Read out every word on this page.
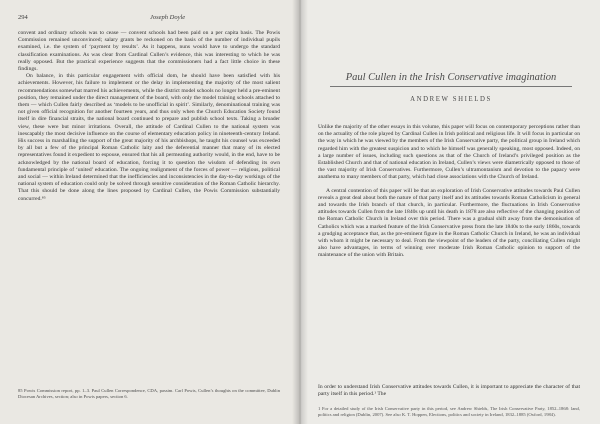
294	Joseph Doyle

convent and ordinary schools was to cease — convent schools had been paid on a per capita basis. The Powis Commission remained unconvinced; salary grants be reckoned on the basis of the number of individual pupils examined, i.e. the system of ‘payment by results’. As it happens, nuns would have to undergo the standard classification examinations. As was clear from Cardinal Cullen’s evidence, this was interesting to which he was really opposed. But the practical experience suggests that the commissioners had a fact little choice in these findings.

On balance, in this particular engagement with official dom, he should have been satisfied with his achievements. However, his failure to implement or the delay in implementing the majority of the most salient recommendations somewhat marred his achievements, while the district model schools no longer held a pre-eminent position, they remained under the direct management of the board, with only the model training schools attached to them — which Cullen fairly described as ‘models to be unofficial in spirit’. Similarly, denominational training was not given official recognition for another fourteen years, and thus only when the Church Education Society found itself in dire financial straits, the national board continued to prepare and publish school texts. Taking a broader view, these were but minor irritations. Overall, the attitude of Cardinal Cullen to the national system was inescapably the most decisive influence on the course of elementary education policy in nineteenth-century Ireland. His success in marshalling the support of the great majority of his archbishops, he taught his counsel was exceeded by all but a few of the principal Roman Catholic laity and the deferential manner that many of its elected representatives found it expedient to espouse, ensured that his all permeating authority would, in the end, have to be acknowledged by the national board of education, forcing it to question the wisdom of defending its own fundamental principle of ‘united’ education. The ongoing realignment of the forces of power — religious, political and social — within Ireland determined that the inefficiencies and inconsistencies in the day-to-day workings of the national system of education could only be solved through sensitive consideration of the Roman Catholic hierarchy. That this should be done along the lines proposed by Cardinal Cullen, the Powis Commission substantially concurred.⁸⁵

85 Powis Commission report, pp. 1–3. Paul Cullen Correspondence, CDA, passim. Carl Powis, Cullen’s thoughts on the committee, Dublin Diocesan Archives, section; also in Powis papers, section 6.
Paul Cullen in the Irish Conservative imagination
ANDREW SHIELDS

Unlike the majority of the other essays in this volume, this paper will focus on contemporary perceptions rather than on the actuality of the role played by Cardinal Cullen in Irish political and religious life. It will focus in particular on the way in which he was viewed by the members of the Irish Conservative party, the political group in Ireland which regarded him with the greatest suspicion and to which he himself was generally speaking, most opposed. Indeed, on a large number of issues, including such questions as that of the Church of Ireland’s privileged position as the Established Church and that of national education in Ireland, Cullen’s views were diametrically opposed to those of the vast majority of Irish Conservatives. Furthermore, Cullen’s ultramontanism and devotion to the papacy were anathema to many members of that party, which had close associations with the Church of Ireland.

A central contention of this paper will be that an exploration of Irish Conservative attitudes towards Paul Cullen reveals a great deal about both the nature of that party itself and its attitudes towards Roman Catholicism in general and towards the Irish branch of that church, in particular. Furthermore, the fluctuations in Irish Conservative attitudes towards Cullen from the late 1840s up until his death in 1878 are also reflective of the changing position of the Roman Catholic Church in Ireland over this period. There was a gradual shift away from the demonisation of Catholics which was a marked feature of the Irish Conservative press from the late 1840s to the early 1860s, towards a grudging acceptance that, as the pre-eminent figure in the Roman Catholic Church in Ireland, he was an individual with whom it might be necessary to deal. From the viewpoint of the leaders of the party, conciliating Cullen might also have advantages, in terms of winning over moderate Irish Roman Catholic opinion to support of the maintenance of the union with Britain.

In order to understand Irish Conservative attitudes towards Cullen, it is important to appreciate the character of that party itself in this period.¹ The

1 For a detailed study of the Irish Conservative party in this period, see Andrew Shields, The Irish Conservative Party, 1852–1868: land, politics and religion (Dublin, 2007). See also K. T. Hoppen, Elections, politics and society in Ireland, 1832–1885 (Oxford, 1984).
